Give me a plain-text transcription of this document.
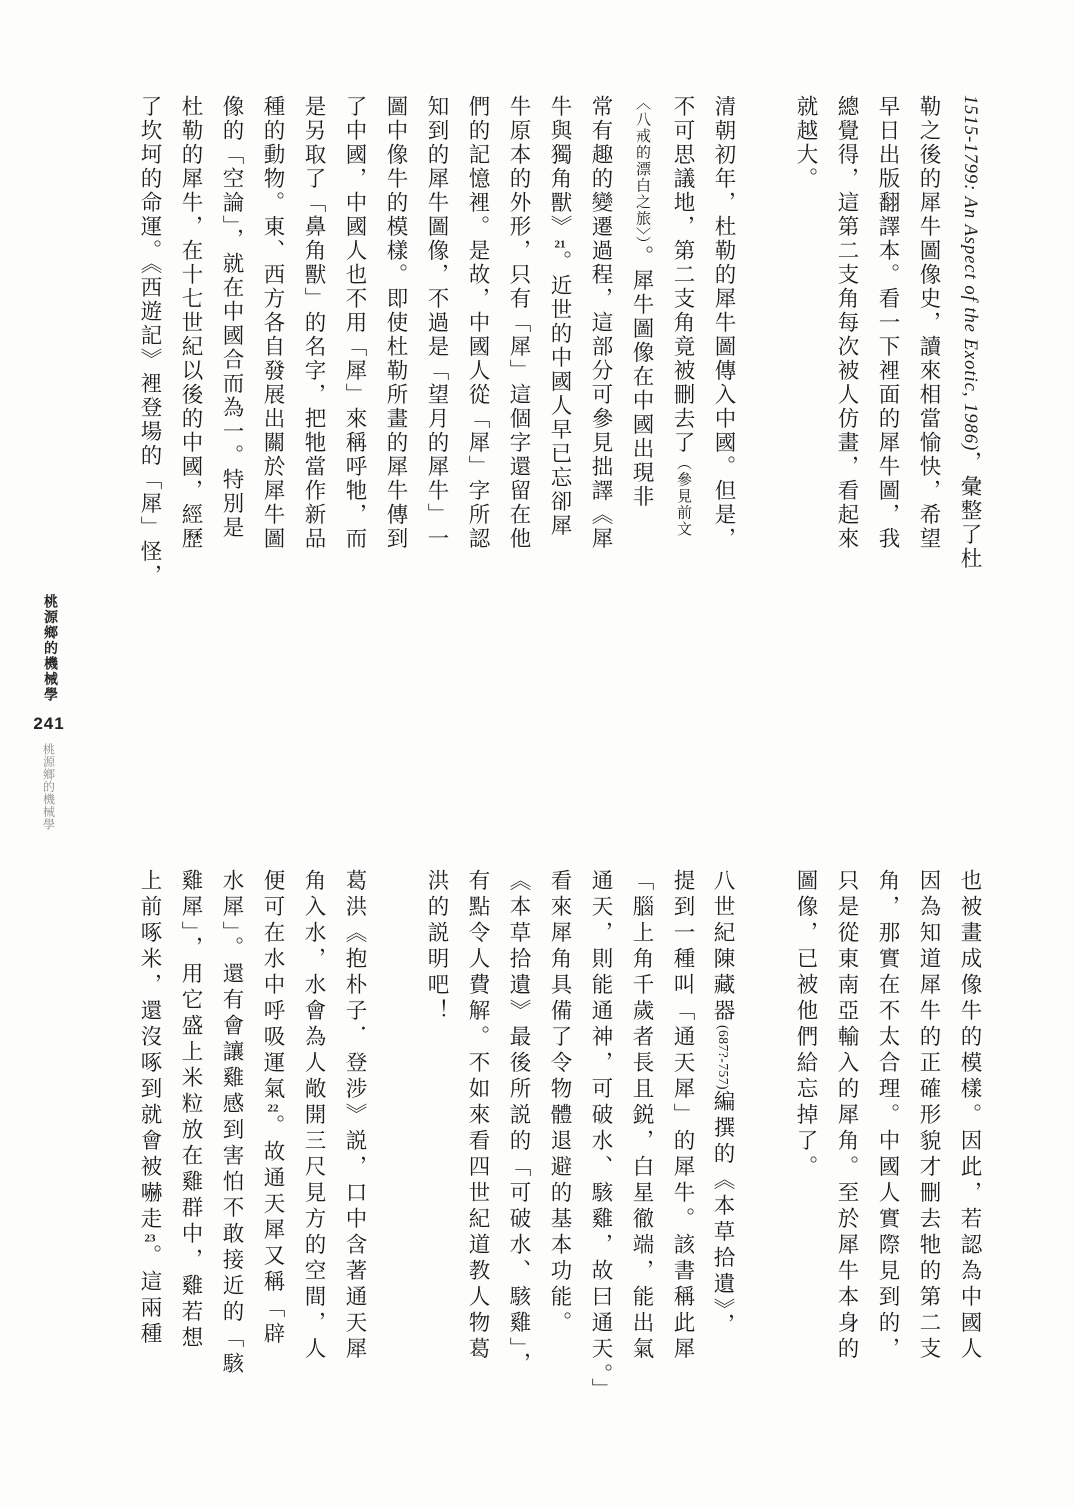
1515-1799: An Aspect of the Exotic, 1986)，彙整了杜
勒之後的犀牛圖像史，讀來相當愉快，希望
早日出版翻譯本。看一下裡面的犀牛圖，我
總覺得，這第二支角每次被人仿畫，看起來
就越大。
清朝初年，杜勒的犀牛圖傳入中國。但是，
不可思議地，第二支角竟被刪去了（參見前文
〈八戒的漂白之旅〉）。犀牛圖像在中國出現非
常有趣的變遷過程，這部分可參見拙譯《犀
牛與獨角獸》21。近世的中國人早已忘卻犀
牛原本的外形，只有「犀」這個字還留在他
們的記憶裡。是故，中國人從「犀」字所認
知到的犀牛圖像，不過是「望月的犀牛」一
圖中像牛的模樣。即使杜勒所畫的犀牛傳到
了中國，中國人也不用「犀」來稱呼牠，而
是另取了「鼻角獸」的名字，把牠當作新品
種的動物。東、西方各自發展出關於犀牛圖
像的「空論」，就在中國合而為一。特別是
杜勒的犀牛，在十七世紀以後的中國，經歷
了坎坷的命運。《西遊記》裡登場的「犀」怪，
也被畫成像牛的模樣。因此，若認為中國人
因為知道犀牛的正確形貌才刪去牠的第二支
角，那實在不太合理。中國人實際見到的，
只是從東南亞輸入的犀角。至於犀牛本身的
圖像，已被他們給忘掉了。
八世紀陳藏器(687?-757)編撰的《本草拾遺》，
提到一種叫「通天犀」的犀牛。該書稱此犀
「腦上角千歲者長且鋭，白星徹端，能出氣
通天，則能通神，可破水、駭雞，故曰通天。」
看來犀角具備了令物體退避的基本功能。
《本草拾遺》最後所説的「可破水、駭雞」，
有點令人費解。不如來看四世紀道教人物葛
洪的説明吧！
葛洪《抱朴子．登涉》説，口中含著通天犀
角入水，水會為人敞開三尺見方的空間，人
便可在水中呼吸運氣22。故通天犀又稱「辟
水犀」。還有會讓雞感到害怕不敢接近的「駭
雞犀」，用它盛上米粒放在雞群中，雞若想
上前啄米，還沒啄到就會被嚇走23。這兩種
桃源鄉的機械學
241
桃源鄉的機械學
